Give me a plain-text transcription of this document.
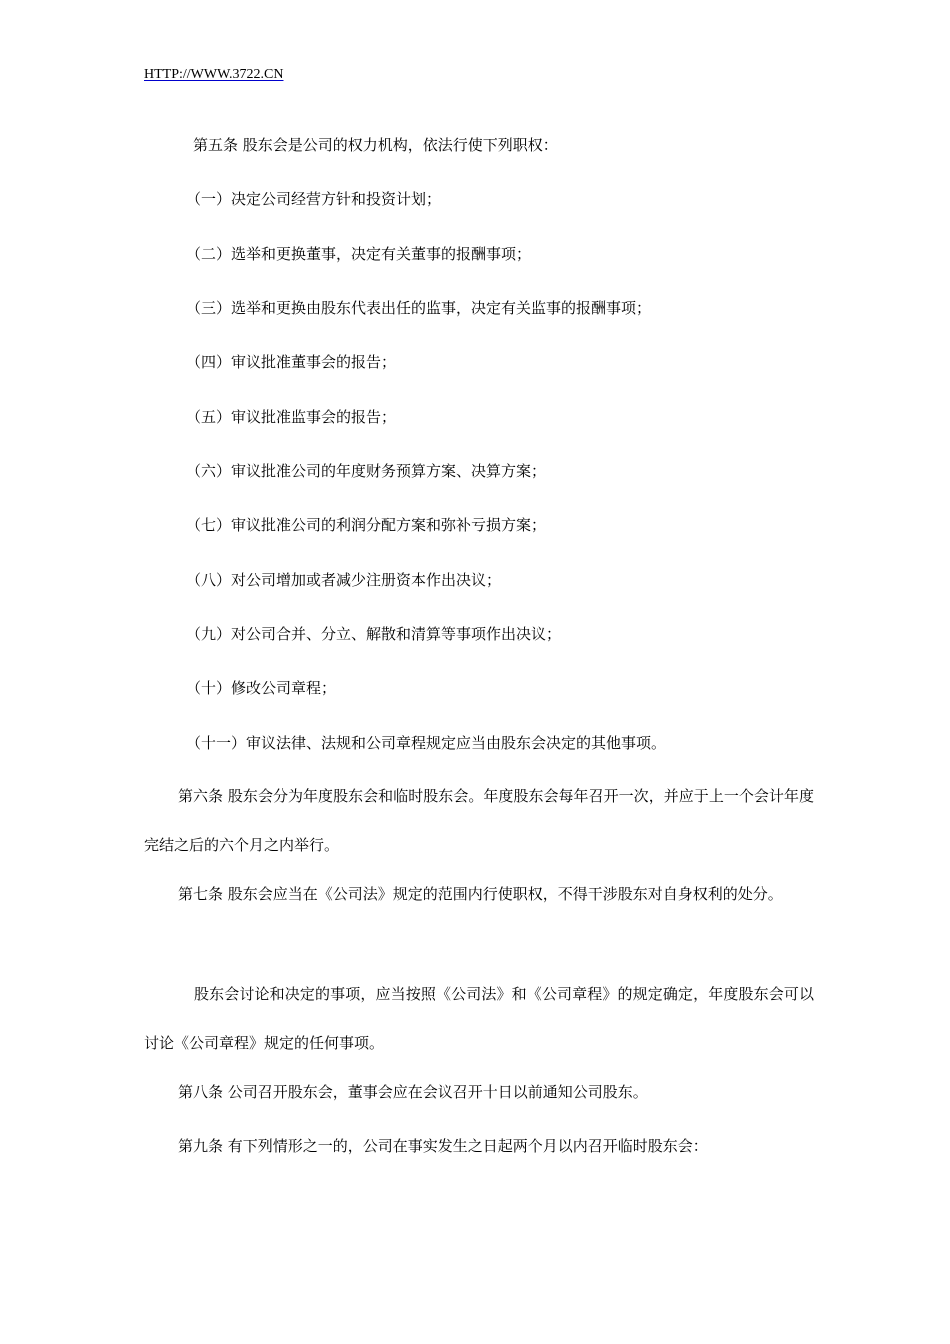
HTTP://WWW.3722.CN
第五条 股东会是公司的权力机构，依法行使下列职权：
（一）决定公司经营方针和投资计划；
（二）选举和更换董事，决定有关董事的报酬事项；
（三）选举和更换由股东代表出任的监事，决定有关监事的报酬事项；
（四）审议批准董事会的报告；
（五）审议批准监事会的报告；
（六）审议批准公司的年度财务预算方案、决算方案；
（七）审议批准公司的利润分配方案和弥补亏损方案；
（八）对公司增加或者减少注册资本作出决议；
（九）对公司合并、分立、解散和清算等事项作出决议；
（十）修改公司章程；
（十一）审议法律、法规和公司章程规定应当由股东会决定的其他事项。

第六条 股东会分为年度股东会和临时股东会。年度股东会每年召开一次，并应于上一个会计年度完结之后的六个月之内举行。

第七条 股东会应当在《公司法》规定的范围内行使职权，不得干涉股东对自身权利的处分。

股东会讨论和决定的事项，应当按照《公司法》和《公司章程》的规定确定，年度股东会可以讨论《公司章程》规定的任何事项。

第八条 公司召开股东会，董事会应在会议召开十日以前通知公司股东。

第九条 有下列情形之一的，公司在事实发生之日起两个月以内召开临时股东会：
